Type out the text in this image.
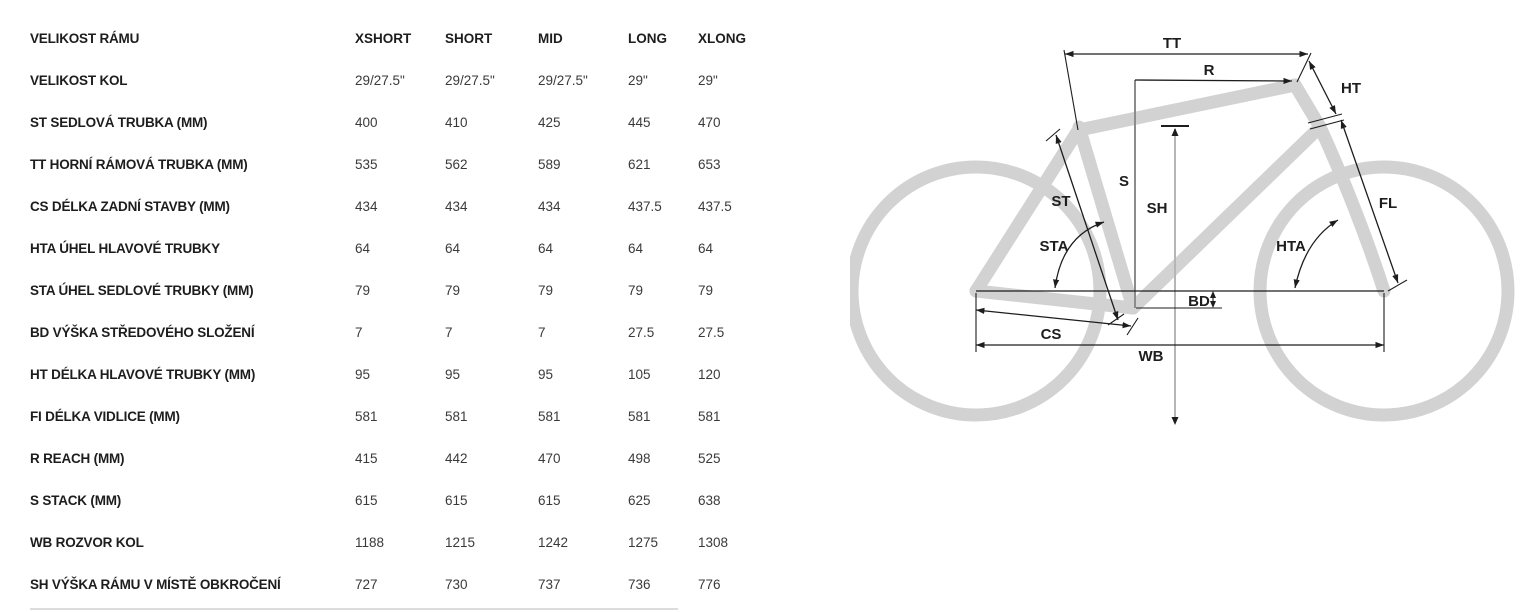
VELIKOST RÁMU	XSHORT	SHORT	MID	LONG	XLONG
VELIKOST KOL	29/27.5"	29/27.5"	29/27.5"	29"	29"
ST SEDLOVÁ TRUBKA (MM)	400	410	425	445	470
TT HORNÍ RÁMOVÁ TRUBKA (MM)	535	562	589	621	653
CS DÉLKA ZADNÍ STAVBY (MM)	434	434	434	437.5	437.5
HTA ÚHEL HLAVOVÉ TRUBKY	64	64	64	64	64
STA ÚHEL SEDLOVÉ TRUBKY (MM)	79	79	79	79	79
BD VÝŠKA STŘEDOVÉHO SLOŽENÍ	7	7	7	27.5	27.5
HT DÉLKA HLAVOVÉ TRUBKY (MM)	95	95	95	105	120
FI DÉLKA VIDLICE (MM)	581	581	581	581	581
R REACH (MM)	415	442	470	498	525
S STACK (MM)	615	615	615	625	638
WB ROZVOR KOL	1188	1215	1242	1275	1308
SH VÝŠKA RÁMU V MÍSTĚ OBKROČENÍ	727	730	737	736	776
TT
R
HT
ST
S
SH
STA	HTA
FL
BD
CS
WB
